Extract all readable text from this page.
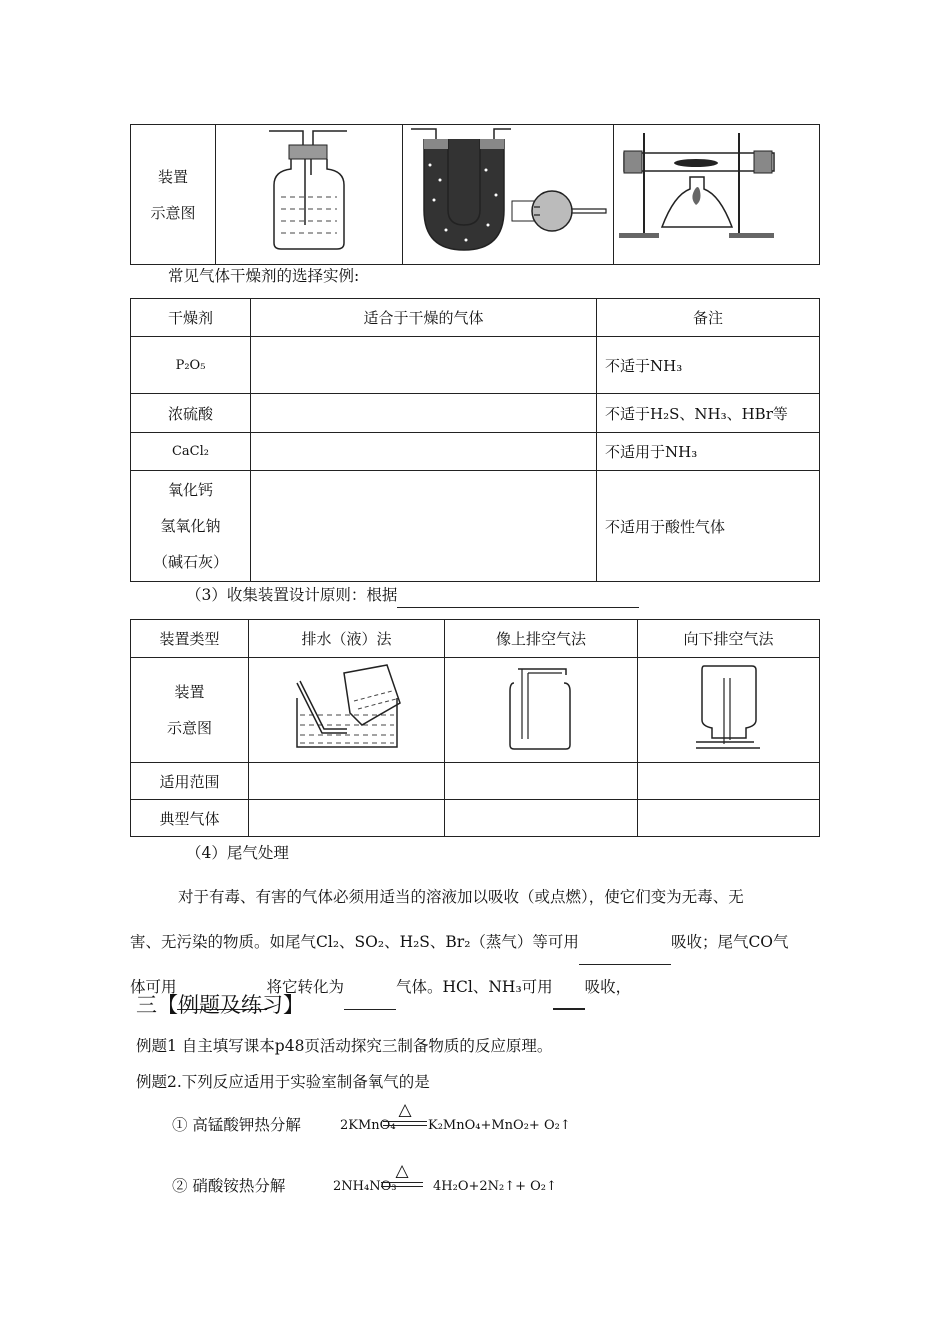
装置
示意图

常见气体干燥剂的选择实例:
干燥剂	适合于干燥的气体	备注
P₂O₅		不适于NH₃
浓硫酸		不适于H₂S、NH₃、HBr等
CaCl₂		不适用于NH₃

氧化钙
氢氧化钠
（碱石灰）		不适用于酸性气体
（3）收集装置设计原则：根据
装置类型	排水（液）法	像上排空气法	向下排空气法

装置
示意图

适用范围			
典型气体			
（4）尾气处理
对于有毒、有害的气体必须用适当的溶液加以吸收（或点燃），使它们变为无毒、无
害、无污染的物质。如尾气Cl₂、SO₂、H₂S、Br₂（蒸气）等可用	吸收；尾气CO气
体可用	将它转化为	气体。HCl、NH₃可用 吸收，
三【例题及练习】
例题1 自主填写课本p48页活动探究三制备物质的反应原理。
例题2.下列反应适用于实验室制备氧气的是
① 高锰酸钾热分解	2KMnO₄
△
K₂MnO₄+MnO₂+ O₂↑
② 硝酸铵热分解	2NH₄NO₃
△
4H₂O+2N₂↑+ O₂↑
